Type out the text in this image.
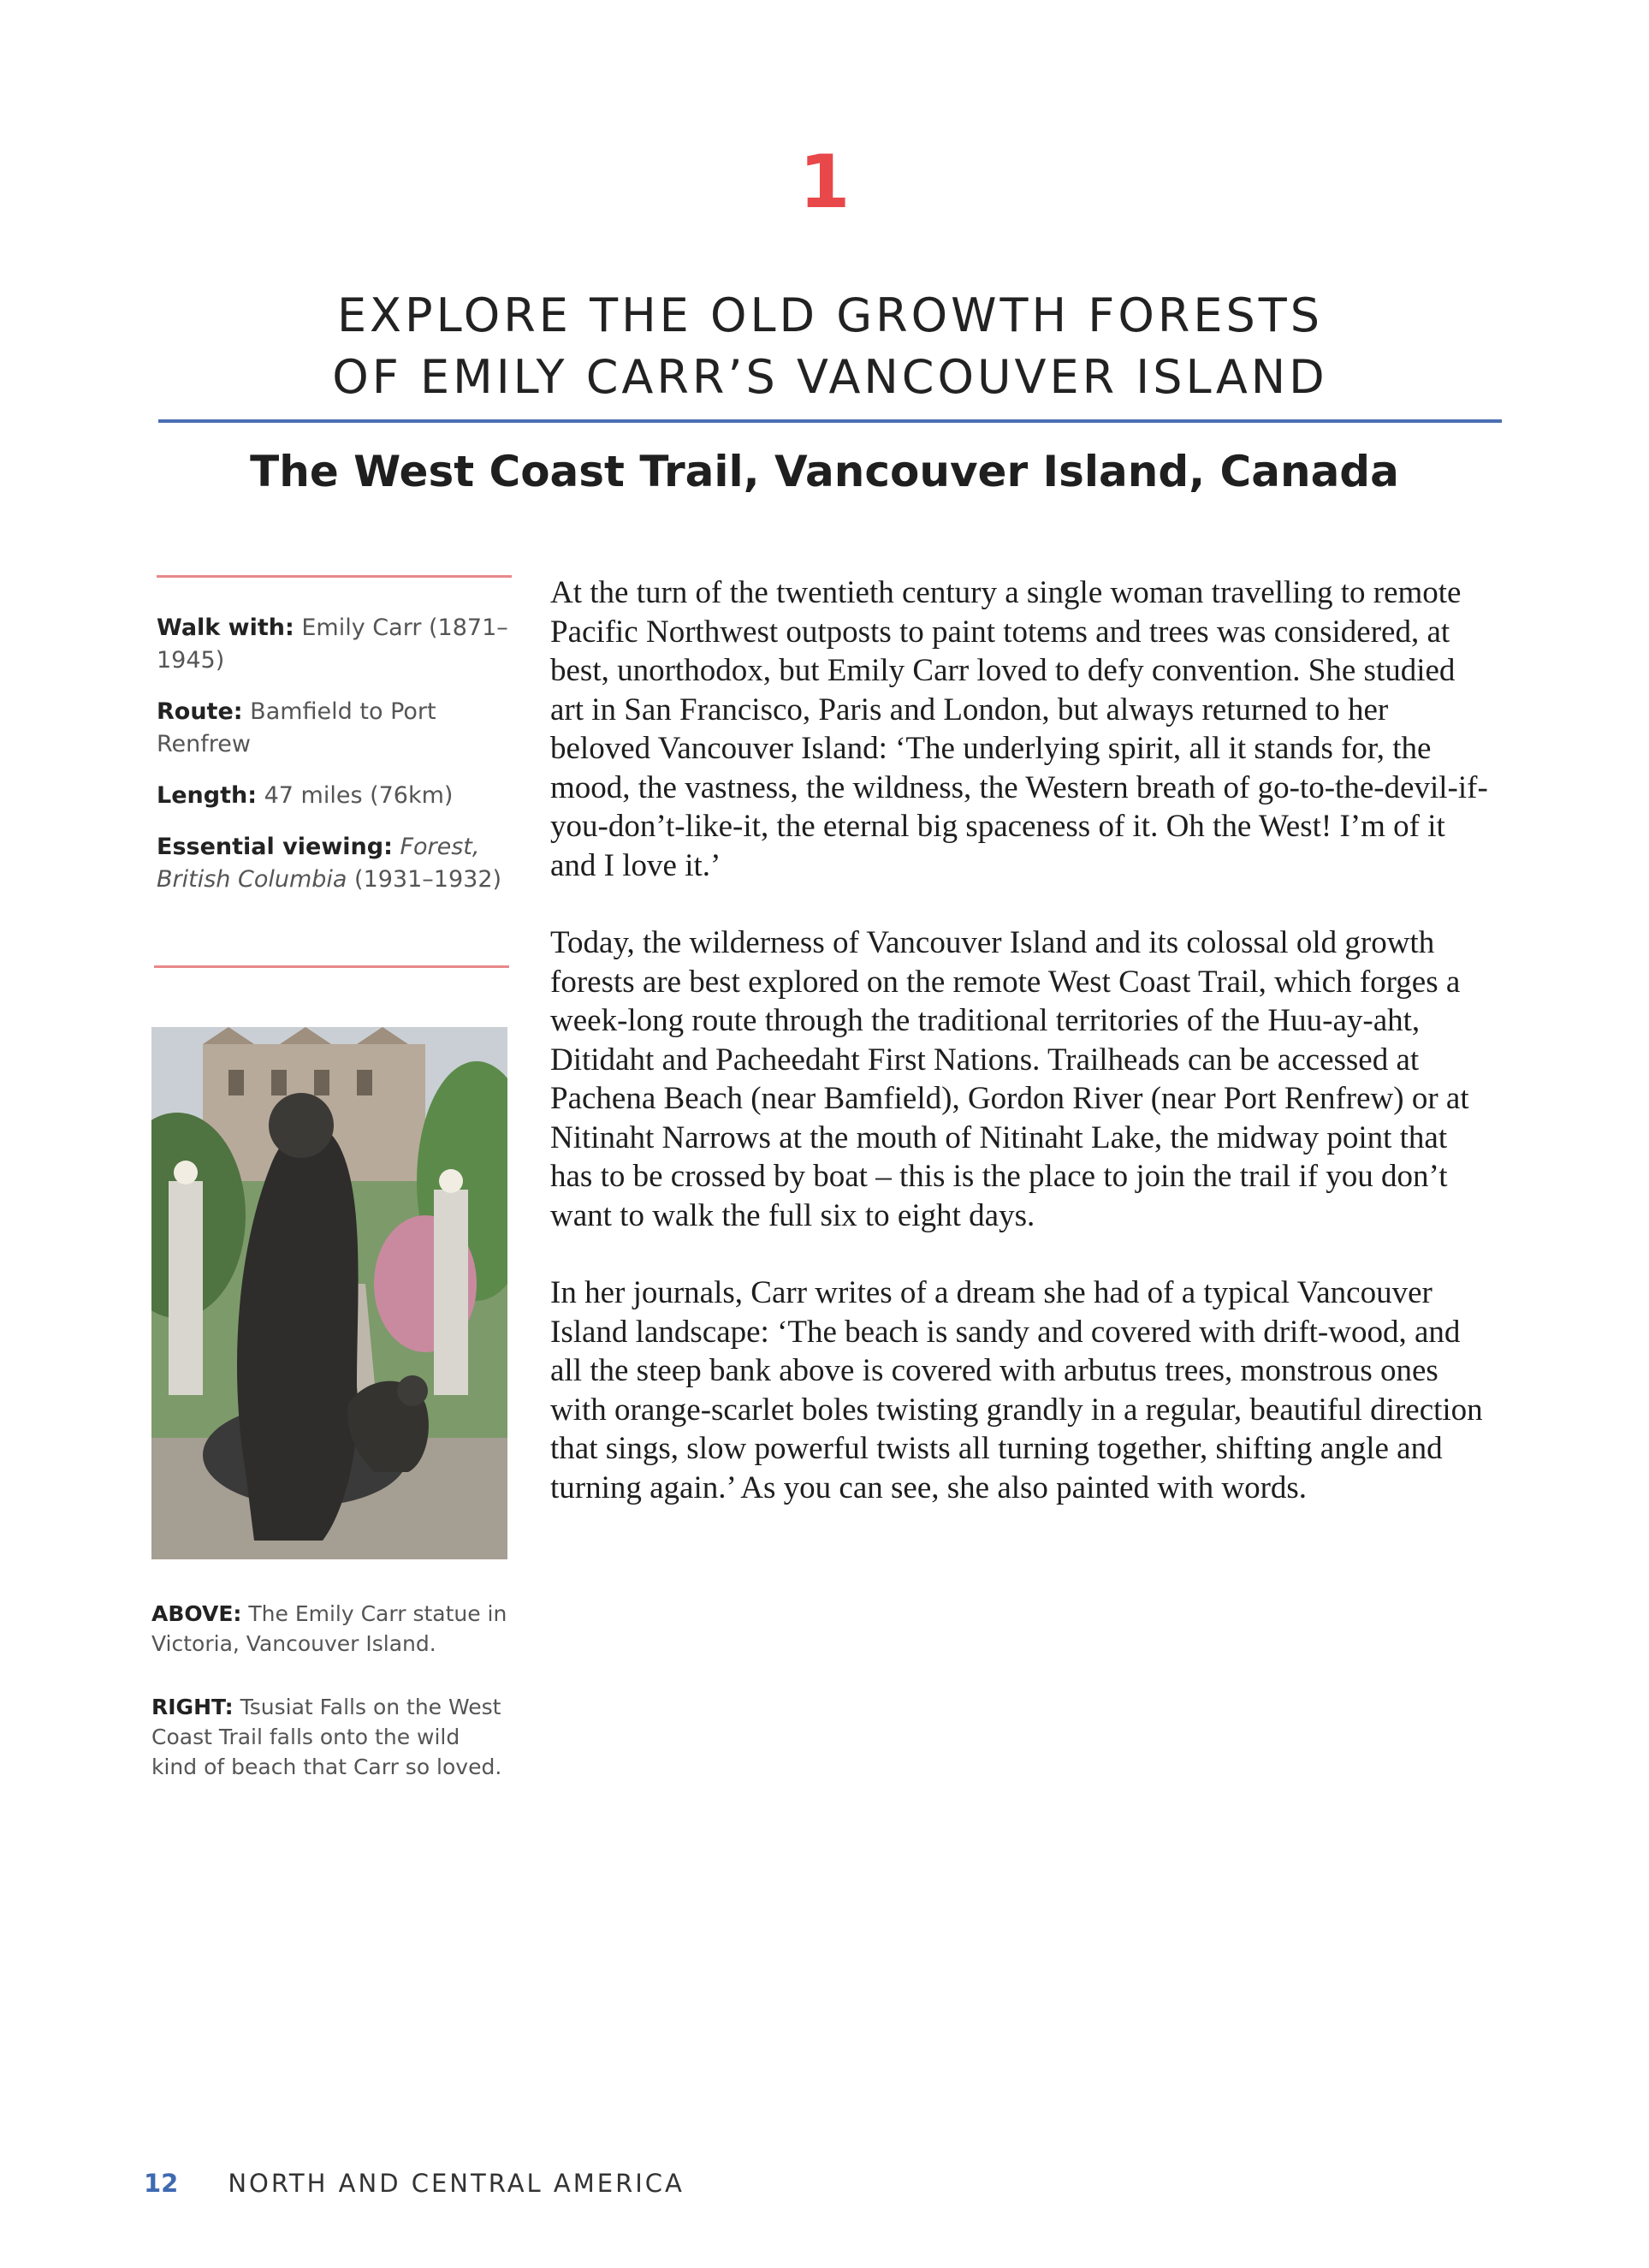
1
EXPLORE THE OLD GROWTH FORESTS
OF EMILY CARR’S VANCOUVER ISLAND
The West Coast Trail, Vancouver Island, Canada
Walk with: Emily Carr (1871–1945)
Route: Bamfield to Port Renfrew
Length: 47 miles (76km)
Essential viewing: Forest, British Columbia (1931–1932)
ABOVE: The Emily Carr statue in Victoria, Vancouver Island.
RIGHT: Tsusiat Falls on the West Coast Trail falls onto the wild kind of beach that Carr so loved.

At the turn of the twentieth century a single woman travelling to remote Pacific Northwest outposts to paint totems and trees was considered, at best, unorthodox, but Emily Carr loved to defy convention. She studied art in San Francisco, Paris and London, but always returned to her beloved Vancouver Island: ‘The underlying spirit, all it stands for, the mood, the vastness, the wildness, the Western breath of go-to-the-devil-if-you-don’t-like-it, the eternal big spaceness of it. Oh the West! I’m of it and I love it.’

Today, the wilderness of Vancouver Island and its colossal old growth forests are best explored on the remote West Coast Trail, which forges a week-long route through the traditional territories of the Huu-ay-aht, Ditidaht and Pacheedaht First Nations. Trailheads can be accessed at Pachena Beach (near Bamfield), Gordon River (near Port Renfrew) or at Nitinaht Narrows at the mouth of Nitinaht Lake, the midway point that has to be crossed by boat – this is the place to join the trail if you don’t want to walk the full six to eight days.

In her journals, Carr writes of a dream she had of a typical Vancouver Island landscape: ‘The beach is sandy and covered with drift-wood, and all the steep bank above is covered with arbutus trees, monstrous ones with orange-scarlet boles twisting grandly in a regular, beautiful direction that sings, slow powerful twists all turning together, shifting angle and turning again.’ As you can see, she also painted with words.

12 NORTH AND CENTRAL AMERICA
